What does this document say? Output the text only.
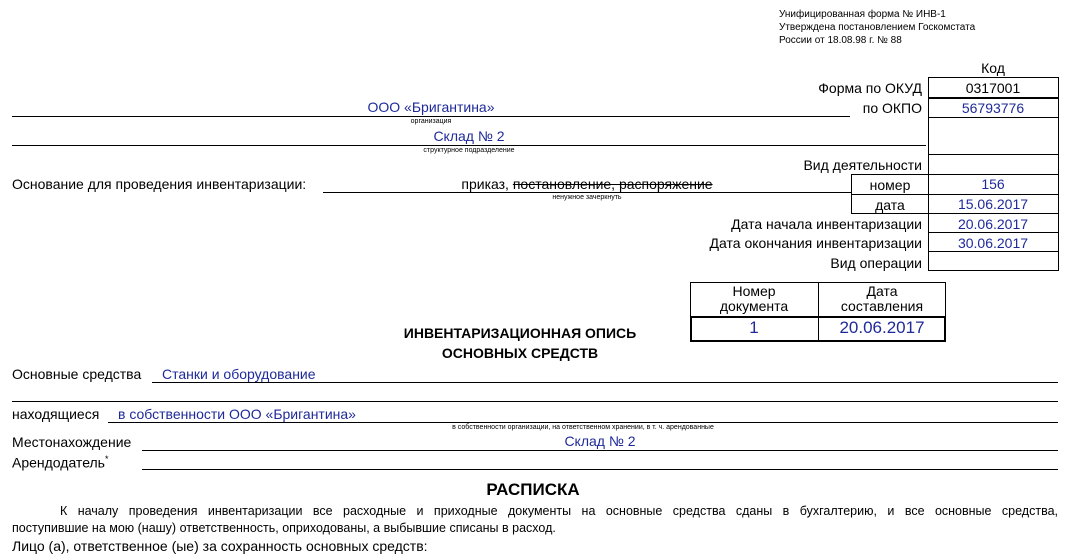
Унифицированная форма № ИНВ-1
Утверждена постановлением Госкомстата
России от 18.08.98 г. № 88
Код
Форма по ОКУД	0317001
по ОКПО	56793776
Вид деятельности
номер	156
дата	15.06.2017
Дата начала инвентаризации	20.06.2017
Дата окончания инвентаризации	30.06.2017
Вид операции
ООО «Бригантина»
организация
Склад № 2
структурное подразделение
Основание для проведения инвентаризации:	приказ, постановление, распоряжение
ненужное зачеркнуть
Номер
документа
Дата
составления
1	20.06.2017
ИНВЕНТАРИЗАЦИОННАЯ ОПИСЬ
ОСНОВНЫХ СРЕДСТВ
Основные средства Станки и оборудование
находящиеся в собственности ООО «Бригантина»
в собственности организации, на ответственном хранении, в т. ч. арендованные
Местонахождение	Склад № 2
Арендодатель*
РАСПИСКА
К началу проведения инвентаризации все расходные и приходные документы на основные средства сданы в бухгалтерию, и все основные средства,
поступившие на мою (нашу) ответственность, оприходованы, а выбывшие списаны в расход.
Лицо (а), ответственное (ые) за сохранность основных средств:
